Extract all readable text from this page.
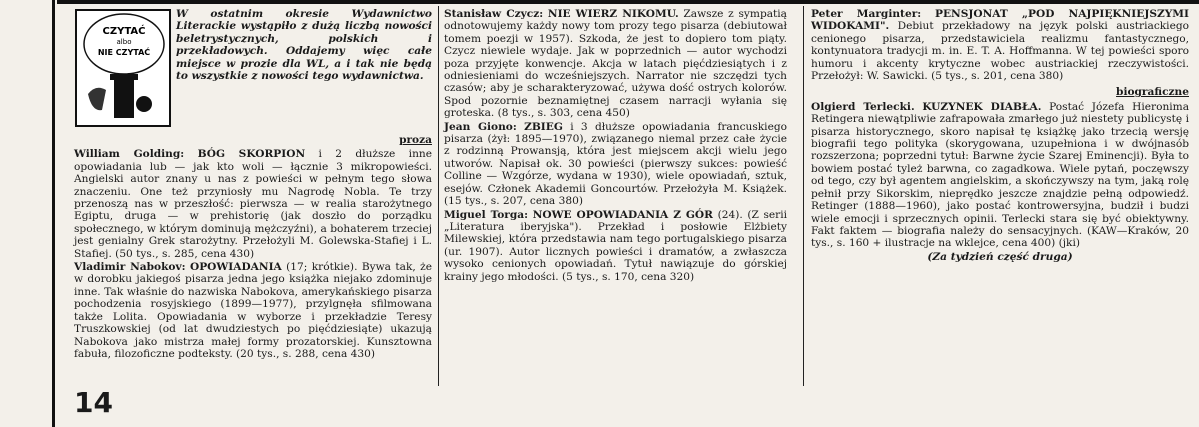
CZYTAĆ
albo
NIE CZYTAĆ

W ostatnim okresie Wydawnictwo Literackie wystąpiło z dużą liczbą nowości beletrystycznych, polskich i przekładowych. Oddajemy więc całe miejsce w prozie dla WL, a i tak nie będą to wszystkie z nowości tego wydawnictwa.

proza

William Golding: BÓG SKORPION i 2 dłuższe inne opowiadania lub — jak kto woli — łącznie 3 mikropowieści. Angielski autor znany u nas z powieści w pełnym tego słowa znaczeniu. One też przyniosły mu Nagrodę Nobla. Te trzy przenoszą nas w przeszłość: pierwsza — w realia starożytnego Egiptu, druga — w prehistorię (jak doszło do porządku społecznego, w którym dominują mężczyźni), a bohaterem trzeciej jest genialny Grek starożytny. Przełożyli M. Golewska-Stafiej i L. Stafiej. (50 tys., s. 285, cena 430)

Vladimir Nabokov: OPOWIADANIA (17; krótkie). Bywa tak, że w dorobku jakiegoś pisarza jedna jego książka niejako zdominuje inne. Tak właśnie do nazwiska Nabokova, amerykańskiego pisarza pochodzenia rosyjskiego (1899—1977), przylgnęła sfilmowana także Lolita. Opowiadania w wyborze i przekładzie Teresy Truszkowskiej (od lat dwudziestych po pięćdziesiąte) ukazują Nabokova jako mistrza małej formy prozatorskiej. Kunsztowna fabuła, filozoficzne podteksty. (20 tys., s. 288, cena 430)

Stanisław Czycz: NIE WIERZ NIKOMU. Zawsze z sympatią odnotowujemy każdy nowy tom prozy tego pisarza (debiutował tomem poezji w 1957). Szkoda, że jest to dopiero tom piąty. Czycz niewiele wydaje. Jak w poprzednich — autor wychodzi poza przyjęte konwencje. Akcja w latach pięćdziesiątych i z odniesieniami do wcześniejszych. Narrator nie szczędzi tych czasów; aby je scharakteryzować, używa dość ostrych kolorów. Spod pozornie beznamiętnej czasem narracji wyłania się groteska. (8 tys., s. 303, cena 450)

Jean Giono: ZBIEG i 3 dłuższe opowiadania francuskiego pisarza (żył: 1895—1970), związanego niemal przez całe życie z rodzinną Prowansją, która jest miejscem akcji wielu jego utworów. Napisał ok. 30 powieści (pierwszy sukces: powieść Colline — Wzgórze, wydana w 1930), wiele opowiadań, sztuk, esejów. Członek Akademii Goncourtów. Przełożyła M. Książek. (15 tys., s. 207, cena 380)

Miguel Torga: NOWE OPOWIADANIA Z GÓR (24). (Z serii „Literatura iberyjska"). Przekład i posłowie Elżbiety Milewskiej, która przedstawia nam tego portugalskiego pisarza (ur. 1907). Autor licznych powieści i dramatów, a zwłaszcza wysoko cenionych opowiadań. Tytuł nawiązuje do górskiej krainy jego młodości. (5 tys., s. 170, cena 320)

Peter Marginter: PENSJONAT „POD NAJPIĘKNIEJSZYMI WIDOKAMI". Debiut przekładowy na język polski austriackiego cenionego pisarza, przedstawiciela realizmu fantastycznego, kontynuatora tradycji m. in. E. T. A. Hoffmanna. W tej powieści sporo humoru i akcenty krytyczne wobec austriackiej rzeczywistości. Przełożył: W. Sawicki. (5 tys., s. 201, cena 380)

biograficzne

Olgierd Terlecki. KUZYNEK DIABŁA. Postać Józefa Hieronima Retingera niewątpliwie zafrapowała zmarłego już niestety publicystę i pisarza historycznego, skoro napisał tę książkę jako trzecią wersję biografii tego polityka (skorygowana, uzupełniona i w dwójnasób rozszerzona; poprzedni tytuł: Barwne życie Szarej Eminencji). Była to bowiem postać tyleż barwna, co zagadkowa. Wiele pytań, poczęwszy od tego, czy był agentem angielskim, a skończywszy na tym, jaką rolę pełnił przy Sikorskim, nieprędko jeszcze znajdzie pełną odpowiedź. Retinger (1888—1960), jako postać kontrowersyjna, budził i budzi wiele emocji i sprzecznych opinii. Terlecki stara się być obiektywny. Fakt faktem — biografia należy do sensacyjnych. (KAW—Kraków, 20 tys., s. 160 + ilustracje na wklejce, cena 400) (jki)

(Za tydzień część druga)

14
